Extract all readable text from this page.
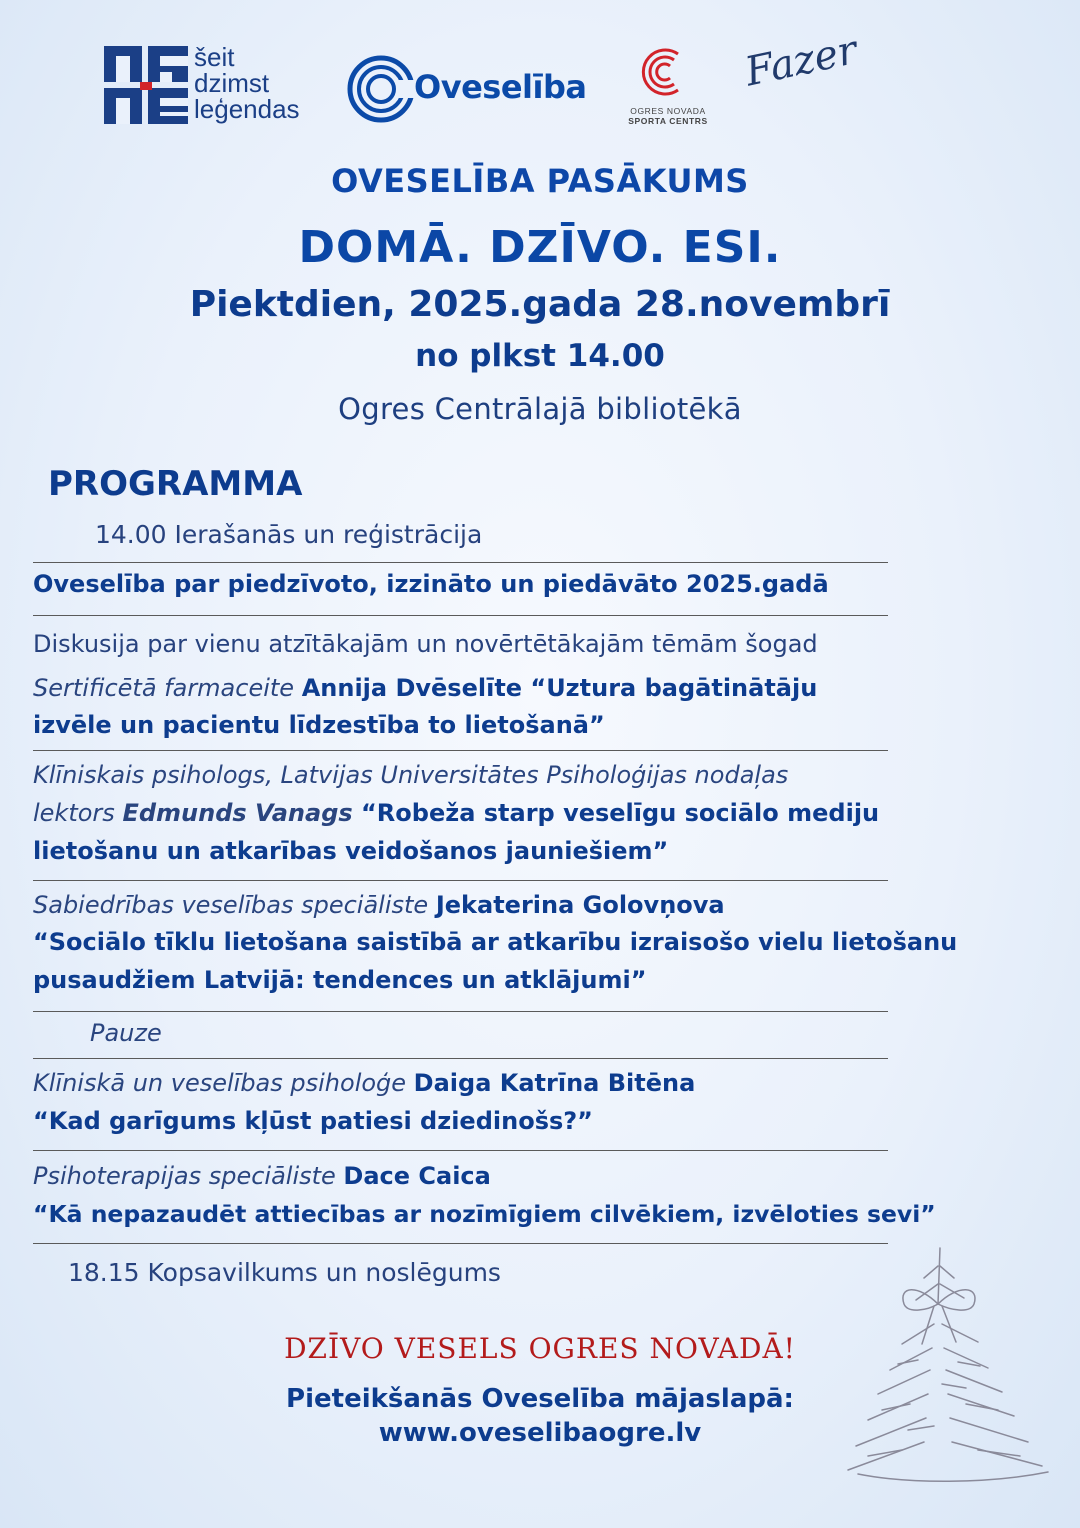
šeit
dzimst
leģendas
Oveselība
OGRES NOVADA
SPORTA CENTRS
Fazer
OVESELĪBA PASĀKUMS
DOMĀ. DZĪVO. ESI.
Piektdien, 2025.gada 28.novembrī
no plkst 14.00
Ogres Centrālajā bibliotēkā
PROGRAMMA
14.00 Ierašanās un reģistrācija
Oveselība par piedzīvoto, izzināto un piedāvāto 2025.gadā
Diskusija par vienu atzītākajām un novērtētākajām tēmām šogad
Sertificētā farmaceite Annija Dvēselīte “Uztura bagātinātāju
izvēle un pacientu līdzestība to lietošanā”
Klīniskais psihologs, Latvijas Universitātes Psiholoģijas nodaļas
lektors Edmunds Vanags “Robeža starp veselīgu sociālo mediju
lietošanu un atkarības veidošanos jauniešiem”
Sabiedrības veselības speciāliste Jekaterina Golovņova
“Sociālo tīklu lietošana saistībā ar atkarību izraisošo vielu lietošanu
pusaudžiem Latvijā: tendences un atklājumi”
Pauze
Klīniskā un veselības psiholoģe Daiga Katrīna Bitēna
“Kad garīgums kļūst patiesi dziedinošs?”
Psihoterapijas speciāliste Dace Caica
“Kā nepazaudēt attiecības ar nozīmīgiem cilvēkiem, izvēloties sevi”
18.15 Kopsavilkums un noslēgums
DZĪVO VESELS OGRES NOVADĀ!
Pieteikšanās Oveselība mājaslapā:
www.oveselibaogre.lv
